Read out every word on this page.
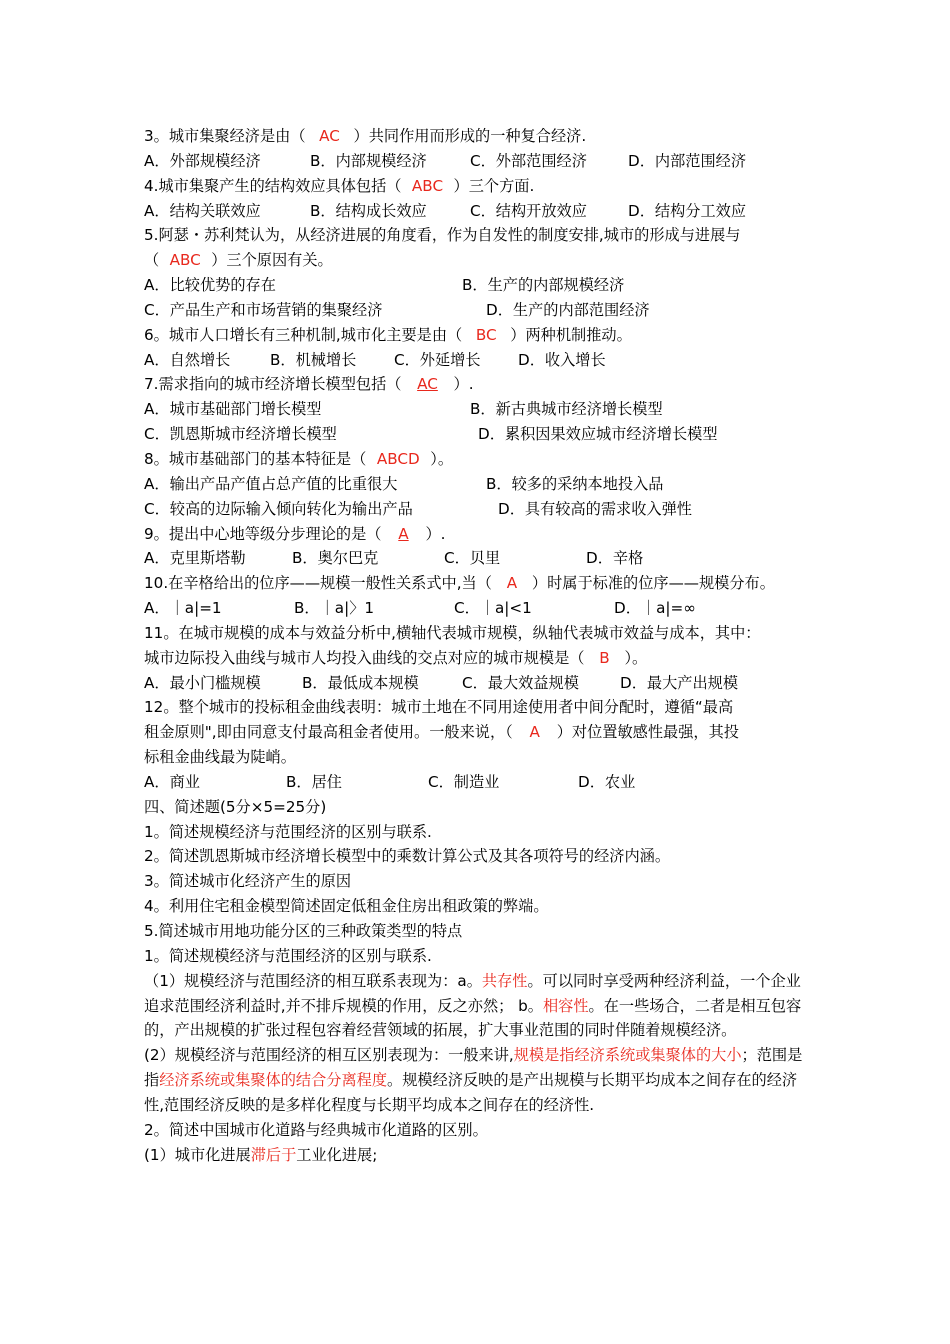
3。城市集聚经济是由（ AC ）共同作用而形成的一种复合经济.
A．外部规模经济	B．内部规模经济	C．外部范围经济	D．内部范围经济
4.城市集聚产生的结构效应具体包括（ ABC ）三个方面.
A．结构关联效应	B．结构成长效应	C．结构开放效应	D．结构分工效应
5.阿瑟・苏利梵认为，从经济进展的角度看，作为自发性的制度安排,城市的形成与进展与
（ ABC ）三个原因有关。
A．比较优势的存在	B．生产的内部规模经济
C．产品生产和市场营销的集聚经济	D．生产的内部范围经济
6。城市人口增长有三种机制,城市化主要是由（ BC ）两种机制推动。
A．自然增长	B．机械增长 C．外延增长 D．收入增长
7.需求指向的城市经济增长模型包括（ AC ）.
A．城市基础部门增长模型	B．新古典城市经济增长模型
C．凯恩斯城市经济增长模型	D．累积因果效应城市经济增长模型
8。城市基础部门的基本特征是（ ABCD ）。
A．输出产品产值占总产值的比重很大	B．较多的采纳本地投入品
C．较高的边际输入倾向转化为输出产品	D．具有较高的需求收入弹性
9。提出中心地等级分步理论的是（ A ）.
A．克里斯塔勒	B．奥尔巴克	C．贝里	D．辛格
10.在辛格给出的位序——规模一般性关系式中,当（ A ）时属于标准的位序——规模分布。
A．｜a|=1	B．｜a|〉1	C．｜a|<1	D．｜a|=∞
11。在城市规模的成本与效益分析中,横轴代表城市规模，纵轴代表城市效益与成本，其中：
城市边际投入曲线与城市人均投入曲线的交点对应的城市规模是（ B ）。
A．最小门槛规模	B．最低成本规模	C．最大效益规模	D．最大产出规模
12。整个城市的投标租金曲线表明：城市土地在不同用途使用者中间分配时，遵循“最高
租金原则",即由同意支付最高租金者使用。一般来说，（ A ）对位置敏感性最强，其投
标租金曲线最为陡峭。
A．商业	B．居住	C．制造业	D．农业
四、简述题(5分×5=25分)
1。简述规模经济与范围经济的区别与联系.
2。简述凯恩斯城市经济增长模型中的乘数计算公式及其各项符号的经济内涵。
3。简述城市化经济产生的原因
4。利用住宅租金模型简述固定低租金住房出租政策的弊端。
5.简述城市用地功能分区的三种政策类型的特点
1。简述规模经济与范围经济的区别与联系.
（1）规模经济与范围经济的相互联系表现为：a。共存性。可以同时享受两种经济利益，一个企业追求范围经济利益时,并不排斥规模的作用，反之亦然； b。相容性。在一些场合，二者是相互包容的，产出规模的扩张过程包容着经营领域的拓展，扩大事业范围的同时伴随着规模经济。
(2）规模经济与范围经济的相互区别表现为：一般来讲,规模是指经济系统或集聚体的大小；范围是指经济系统或集聚体的结合分离程度。规模经济反映的是产出规模与长期平均成本之间存在的经济性,范围经济反映的是多样化程度与长期平均成本之间存在的经济性.
2。简述中国城市化道路与经典城市化道路的区别。
(1）城市化进展滞后于工业化进展;
